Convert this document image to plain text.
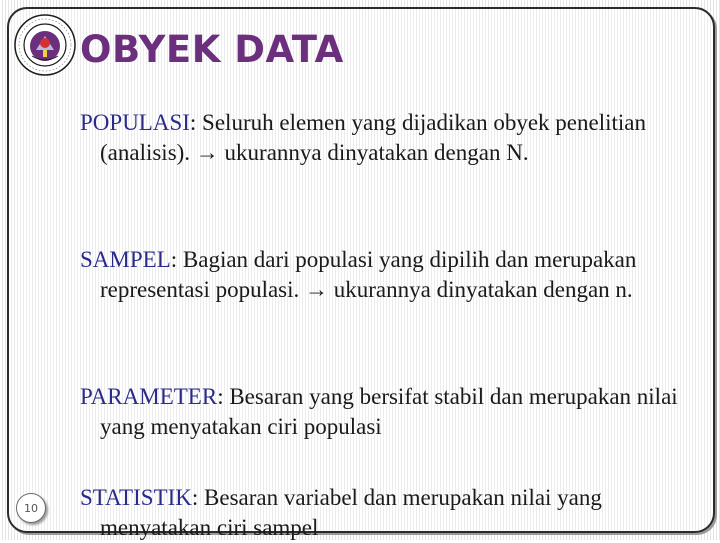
OBYEK DATA

POPULASI: Seluruh elemen yang dijadikan obyek penelitian (analisis). → ukurannya dinyatakan dengan N.

SAMPEL: Bagian dari populasi yang dipilih dan merupakan representasi populasi. → ukurannya dinyatakan dengan n.

PARAMETER: Besaran yang bersifat stabil dan merupakan nilai yang menyatakan ciri populasi

STATISTIK: Besaran variabel dan merupakan nilai yang menyatakan ciri sampel

10
